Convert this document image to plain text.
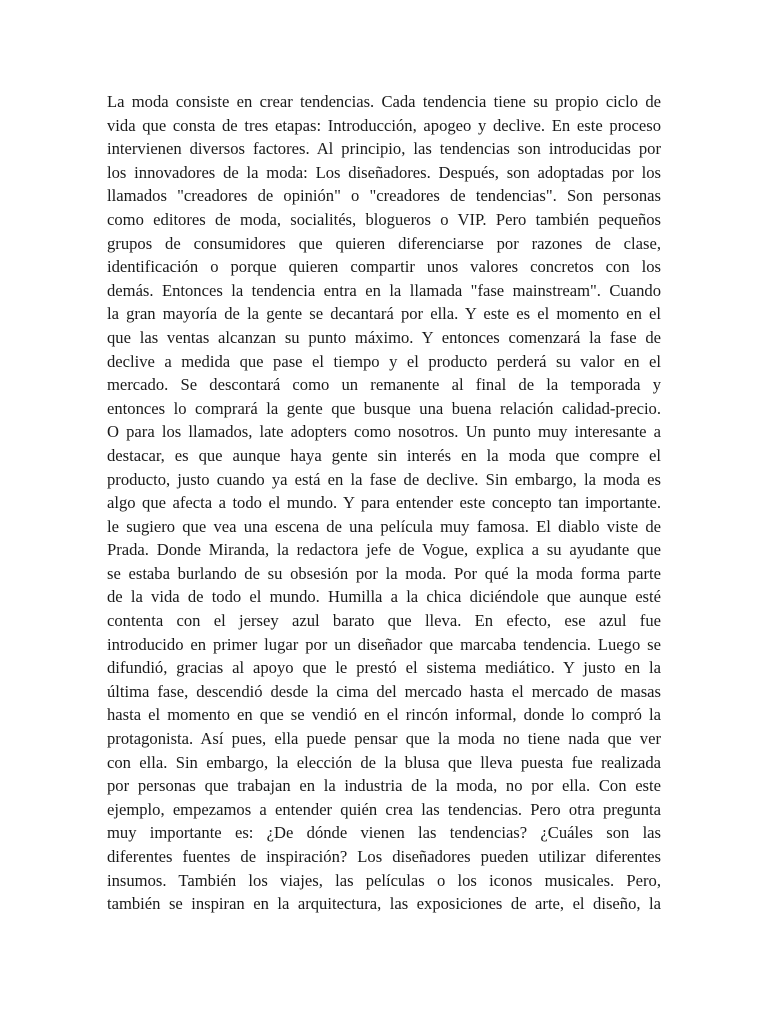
La moda consiste en crear tendencias. Cada tendencia tiene su propio ciclo de
vida que consta de tres etapas: Introducción, apogeo y declive. En este proceso
intervienen diversos factores. Al principio, las tendencias son introducidas por
los innovadores de la moda: Los diseñadores. Después, son adoptadas por los
llamados "creadores de opinión" o "creadores de tendencias". Son personas
como editores de moda, socialités, blogueros o VIP. Pero también pequeños
grupos de consumidores que quieren diferenciarse por razones de clase,
identificación o porque quieren compartir unos valores concretos con los
demás. Entonces la tendencia entra en la llamada "fase mainstream". Cuando
la gran mayoría de la gente se decantará por ella. Y este es el momento en el
que las ventas alcanzan su punto máximo. Y entonces comenzará la fase de
declive a medida que pase el tiempo y el producto perderá su valor en el
mercado. Se descontará como un remanente al final de la temporada y
entonces lo comprará la gente que busque una buena relación calidad-precio.
O para los llamados, late adopters como nosotros. Un punto muy interesante a
destacar, es que aunque haya gente sin interés en la moda que compre el
producto, justo cuando ya está en la fase de declive. Sin embargo, la moda es
algo que afecta a todo el mundo. Y para entender este concepto tan importante.
le sugiero que vea una escena de una película muy famosa. El diablo viste de
Prada. Donde Miranda, la redactora jefe de Vogue, explica a su ayudante que
se estaba burlando de su obsesión por la moda. Por qué la moda forma parte
de la vida de todo el mundo. Humilla a la chica diciéndole que aunque esté
contenta con el jersey azul barato que lleva. En efecto, ese azul fue
introducido en primer lugar por un diseñador que marcaba tendencia. Luego se
difundió, gracias al apoyo que le prestó el sistema mediático. Y justo en la
última fase, descendió desde la cima del mercado hasta el mercado de masas
hasta el momento en que se vendió en el rincón informal, donde lo compró la
protagonista. Así pues, ella puede pensar que la moda no tiene nada que ver
con ella. Sin embargo, la elección de la blusa que lleva puesta fue realizada
por personas que trabajan en la industria de la moda, no por ella. Con este
ejemplo, empezamos a entender quién crea las tendencias. Pero otra pregunta
muy importante es: ¿De dónde vienen las tendencias? ¿Cuáles son las
diferentes fuentes de inspiración? Los diseñadores pueden utilizar diferentes
insumos. También los viajes, las películas o los iconos musicales. Pero,
también se inspiran en la arquitectura, las exposiciones de arte, el diseño, la
